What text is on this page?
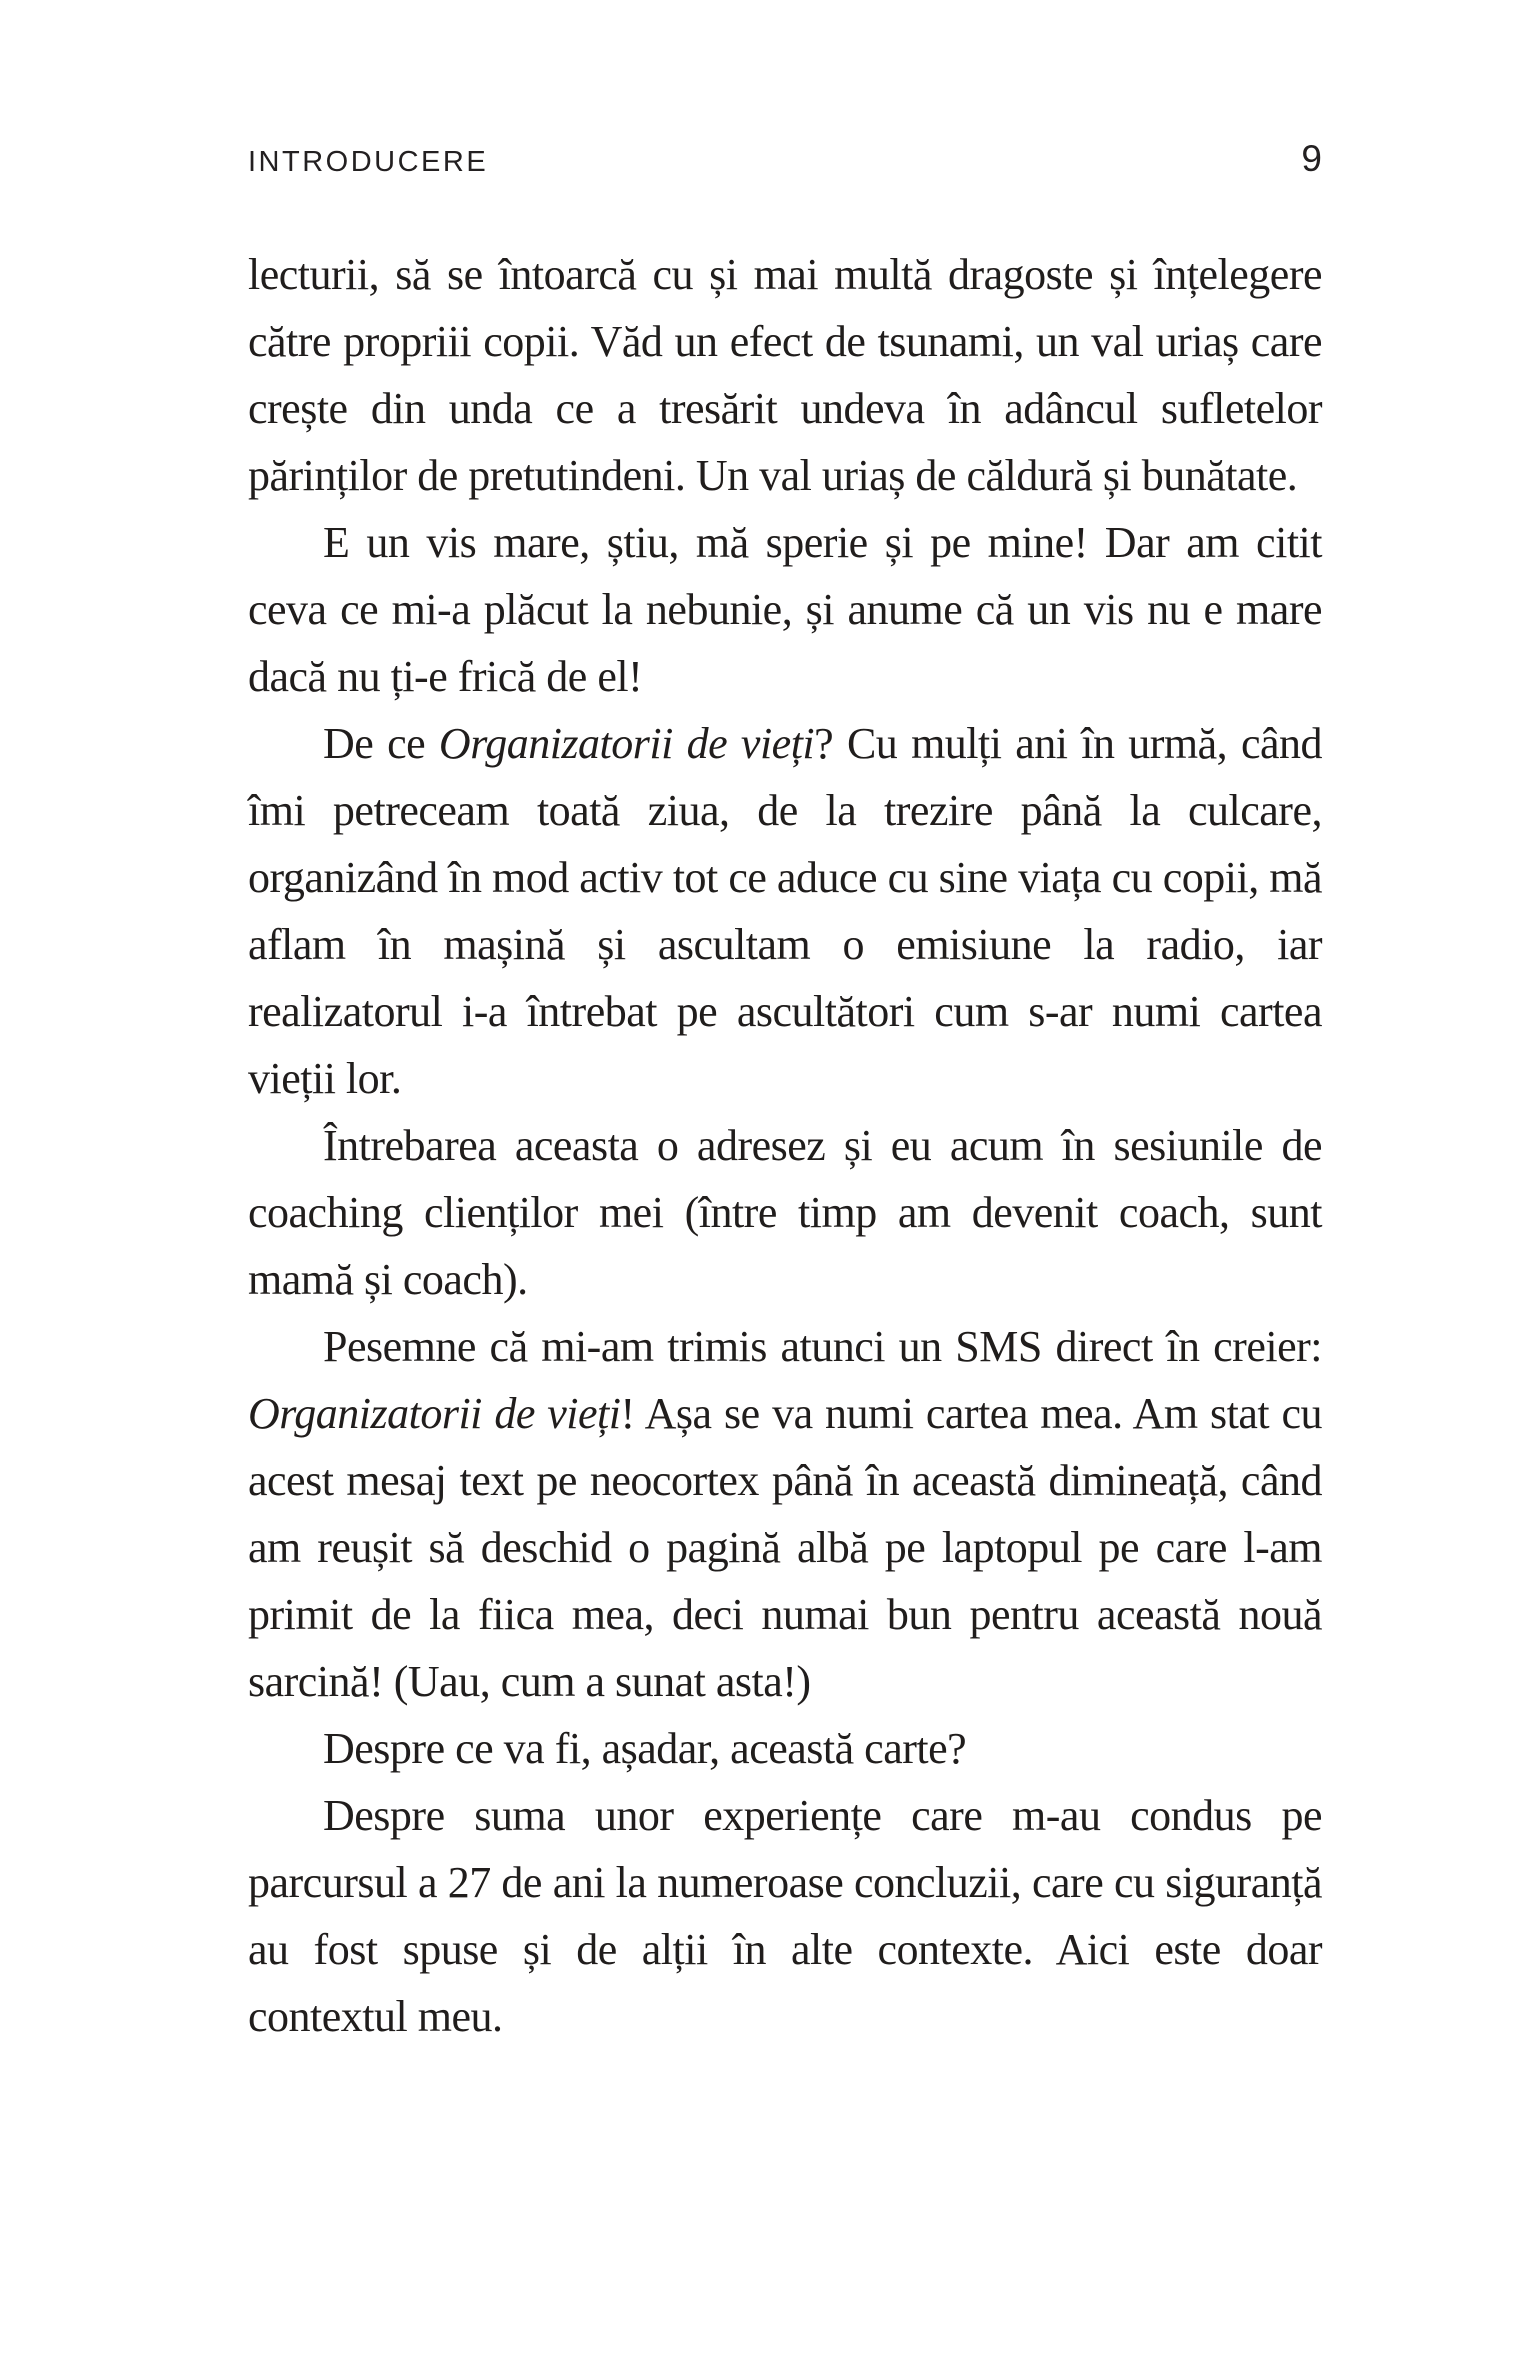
INTRODUCERE	9

lecturii, să se întoarcă cu și mai multă dragoste și înțelegere către propriii copii. Văd un efect de tsunami, un val uriaș care crește din unda ce a tresărit undeva în adâncul sufletelor părinților de pretutindeni. Un val uriaș de căldură și bunătate.

E un vis mare, știu, mă sperie și pe mine! Dar am citit ceva ce mi-a plăcut la nebunie, și anume că un vis nu e mare dacă nu ți-e frică de el!

De ce Organizatorii de vieți? Cu mulți ani în urmă, când îmi petreceam toată ziua, de la trezire până la culcare, organizând în mod activ tot ce aduce cu sine viața cu copii, mă aflam în mașină și ascultam o emisiune la radio, iar realizatorul i-a întrebat pe ascultători cum s-ar numi cartea vieții lor.

Întrebarea aceasta o adresez și eu acum în sesiunile de coaching clienților mei (între timp am devenit coach, sunt mamă și coach).

Pesemne că mi-am trimis atunci un SMS direct în creier: Organizatorii de vieți! Așa se va numi cartea mea. Am stat cu acest mesaj text pe neocortex până în această dimineață, când am reușit să deschid o pagină albă pe laptopul pe care l-am primit de la fiica mea, deci numai bun pentru această nouă sarcină! (Uau, cum a sunat asta!)

Despre ce va fi, așadar, această carte?

Despre suma unor experiențe care m-au condus pe parcursul a 27 de ani la numeroase concluzii, care cu siguranță au fost spuse și de alții în alte contexte. Aici este doar contextul meu.
